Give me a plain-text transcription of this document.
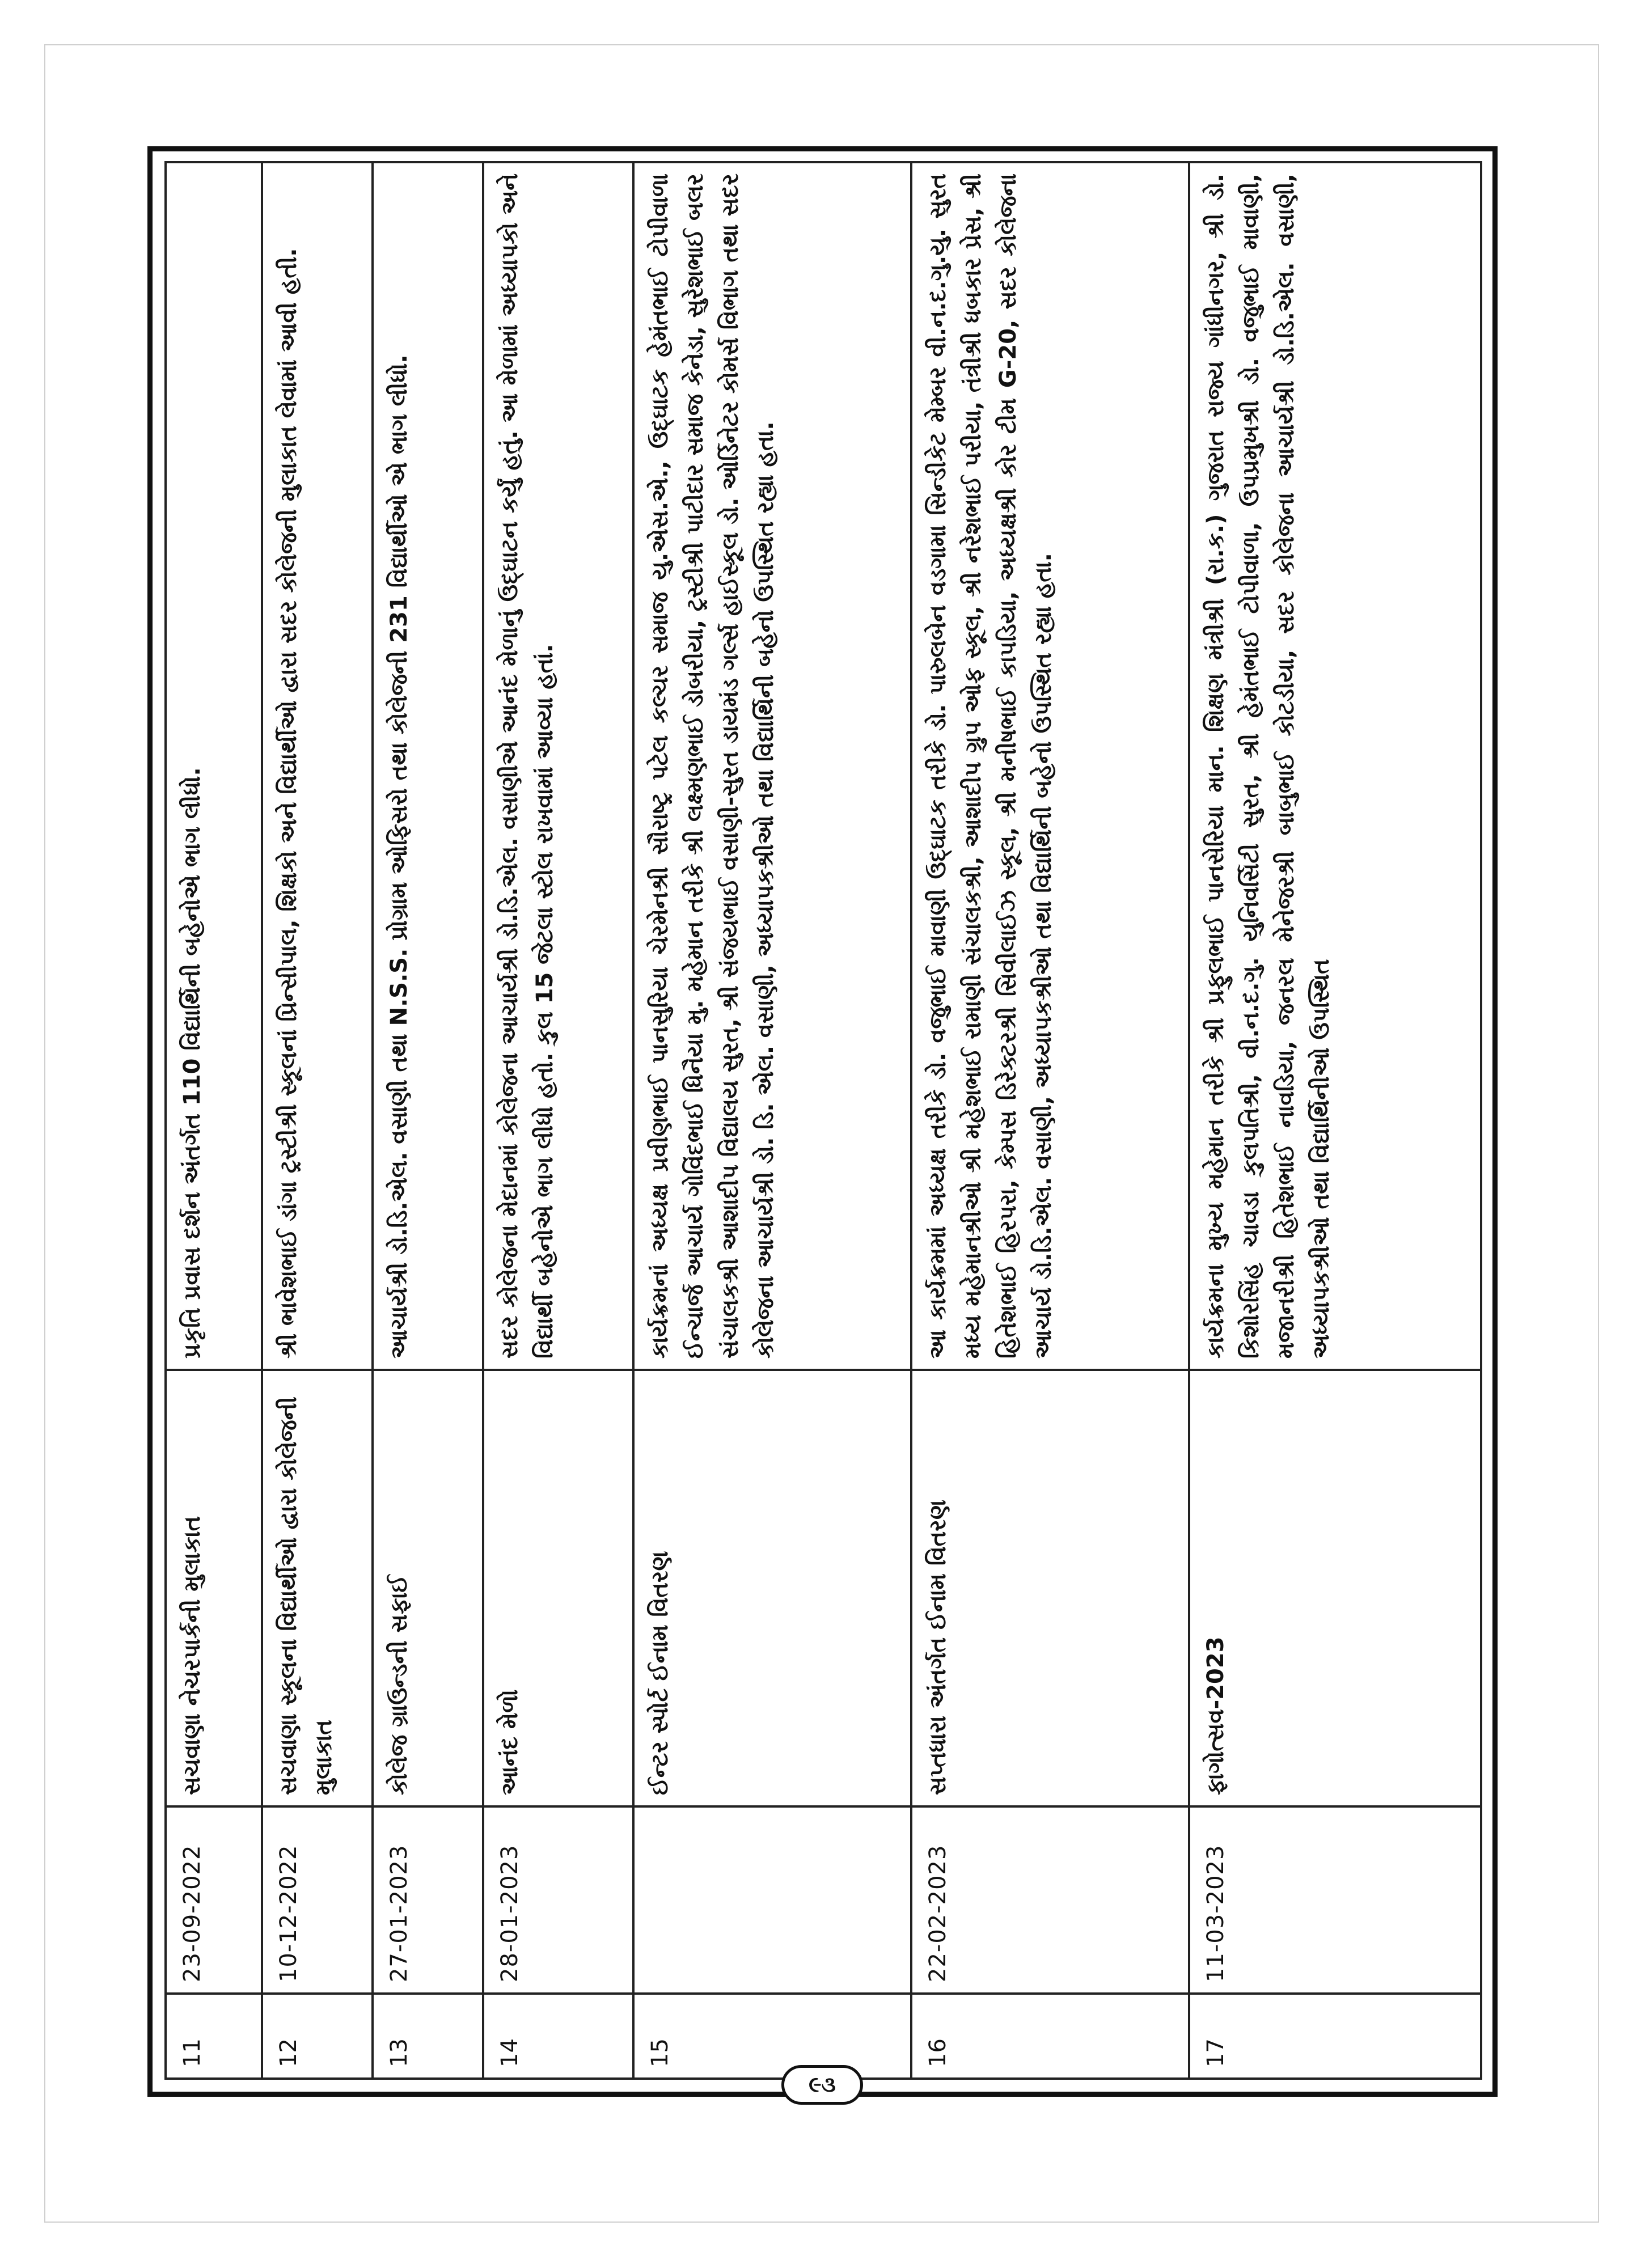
11	23-09-2022	સચવાણા નેચરપાર્કની મુલાકાત	પ્રકૃતિ પ્રવાસ દર્શન અંતર્ગત 110 વિદ્યાર્થિની બહેનોએ ભાગ લીધો.
12	10-12-2022	સચવાણા સ્કૂલના વિદ્યાર્થીઓ દ્વારા કોલેજની મુલાકાત	શ્રી ભાવેશભાઈ ડાંગા ટ્રસ્ટીશ્રી સ્કૂલનાં પ્રિન્સીપાલ, શિક્ષકો અને વિદ્યાર્થીઓ દ્વારા સદર કોલેજની મુલાકાત લેવામાં આવી હતી.
13	27-01-2023	કોલેજ ગ્રાઉન્ડની સફાઈ	આચાર્યશ્રી ડો.ડિ.એલ. વસાણી તથા N.S.S. પ્રોગ્રામ ઓફિસરો તથા કોલેજની 231 વિદ્યાર્થીઓ એ ભાગ લીધો.
14	28-01-2023	આનંદ મેળો	સદર કોલેજના મેદાનમાં કોલેજના આચાર્યશ્રી ડો.ડિ.એલ. વસાણીએ આનંદ મેળાનું ઉદ્ઘાટન કર્યું હતું. આ મેળામાં અધ્યાપકો અને વિદ્યાર્થી બહેનોએ ભાગ લીધો હતો. કુલ 15 જેટલા સ્ટોલ રાખવામાં આવ્યા હતાં.
15		ઈન્ટર સ્પોર્ટ ઈનામ વિતરણ	કાર્યક્રમનાં અધ્યક્ષ પ્રવીણભાઈ પાનસુરિયા ચેરમેનશ્રી સૌરાષ્ટ્ર પટેલ કલ્ચર સમાજ યુ.એસ.એ., ઉદ્ઘાટક હેમંતભાઈ ટોપીવાળા ઈન્ચાર્જ આચાર્ય ગોવિંદભાઈ ધિનૈયા મુ. મહેમાન તરીકે શ્રી લક્ષ્મણભાઈ ડોબરીયા, ટ્રસ્ટીશ્રી પાટીદાર સમાજ કેનેડા, સુરેશભાઈ બલર સંચાલકશ્રી આશાદીપ વિદ્યાલય સુરત, શ્રી સંજયભાઈ વસાણી-સુરત ડાયમંડ ગર્લ્સ હાઈસ્કૂલ ડો. ઓર્ડિનેટર કોમર્સ વિભાગ તથા સદર કોલેજના આચાર્યશ્રી ડો. ડિ. એલ. વસાણી, અધ્યાપકશ્રીઓ તથા વિદ્યાર્થિની બહેનો ઉપસ્થિત રહ્યા હતા.
16	22-02-2023	સપ્તધારા અંતર્ગત ઈનામ વિતરણ	આ કાર્યક્રમમાં અધ્યક્ષ તરીકે ડો. વજુભાઈ માવાણી ઉદ્ઘાટક તરીકે ડો. પારુલબેન વડગામા સિન્ડીકેટ મેમ્બર વી.ન.દ.ગુ.યુ. સુરત મધ્ય મહેમાનશ્રીઓ શ્રી મહેશભાઈ રામાણી સંચાલકશ્રી, આશાદીપ ગ્રુપ ઓફ સ્કૂલ, શ્રી નરેશભાઈ પરીયા, તંત્રીશ્રી ધબકાર પ્રેસ, શ્રી હિતેશભાઈ હિરપરા, કેમ્પસ ડિરેક્ટરશ્રી સિવીલાઈઝ સ્કૂલ, શ્રી મનીષભાઈ કાપડિયા, અધ્યક્ષશ્રી કોર ટીમ G-20, સદર કોલેજના આચાર્ય ડો.ડિ.એલ. વસાણી, અધ્યાપકશ્રીઓ તથા વિદ્યાર્થિની બહેનો ઉપસ્થિત રહ્યા હતા.
17	11-03-2023	ફાગોત્સવ-2023	કાર્યક્રમના મુખ્ય મહેમાન તરીકે શ્રી પ્રફુલભાઈ પાનસેરિયા માન. શિક્ષણ મંત્રીશ્રી (રા.ક.) ગુજરાત રાજ્ય ગાંધીનગર, શ્રી ડો. કિશોરસિંહ ચાવડા કુલપતિશ્રી, વી.ન.દ.ગુ. યુનિવર્સિટી સુરત, શ્રી હેમંતભાઈ ટોપીવાળા, ઉપપ્રમુખશ્રી ડો. વજુભાઈ માવાણી, મજાનરીશ્રી હિતેશભાઈ નાવડિયા, જનરલ મેનેજરશ્રી બાબુભાઈ કોટડીયા, સદર કોલેજના આચાર્યશ્રી ડો.ડિ.એલ. વસાણી, અધ્યાપકશ્રીઓ તથા વિદ્યાર્થિનીઓ ઉપસ્થિત
૯૩
